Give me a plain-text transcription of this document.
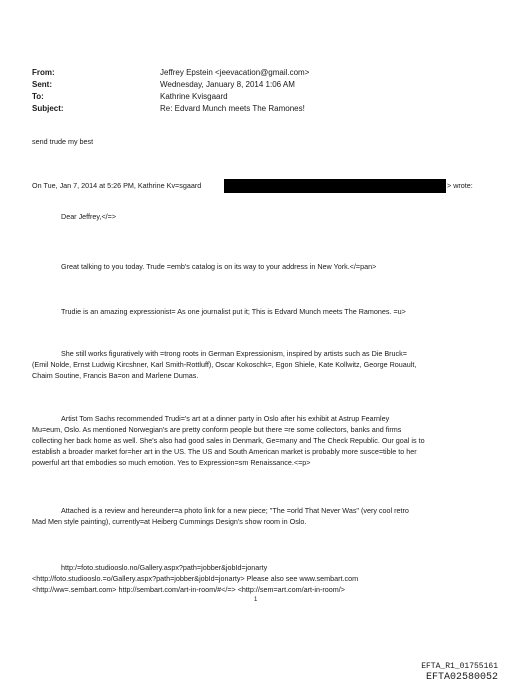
From:	Jeffrey Epstein <jeevacation@gmail.com>
Sent:	Wednesday, January 8, 2014 1:06 AM
To:	Kathrine Kvisgaard
Subject:	Re: Edvard Munch meets The Ramones!
send trude my best
On Tue, Jan 7, 2014 at 5:26 PM, Kathrine Kv=sgaard	> wrote:
Dear Jeffrey,</=>
Great talking to you today. Trude =emb's catalog is on its way to your address in New York.</=pan>
Trudie is an amazing expressionist= As one journalist put it; This is Edvard Munch meets The Ramones. =u>
She still works figuratively with =trong roots in German Expressionism, inspired by artists such as Die Bruck=
(Emil Nolde, Ernst Ludwig Kircshner, Karl Smith-Rottluff), Oscar Kokoschk=, Egon Shiele, Kate Kollwitz, George Rouault,
Chaim Soutine, Francis Ba=on and Marlene Dumas.
Artist Tom Sachs recommended Trudi='s art at a dinner party in Oslo after his exhibit at Astrup Fearnley
Mu=eum, Oslo. As mentioned Norwegian's are pretty conform people but there =re some collectors, banks and firms
collecting her back home as well. She's also had good sales in Denmark, Ge=many and The Check Republic. Our goal is to
establish a broader market for=her art in the US. The US and South American market is probably more susce=tible to her
powerful art that embodies so much emotion. Yes to Expression=sm Renaissance.<=p>
Attached is a review and hereunder=a photo link for a new piece; "The =orld That Never Was" (very cool retro
Mad Men style painting), currently=at Heiberg Cummings Design's show room in Oslo.
http:/=foto.studiooslo.no/Gallery.aspx?path=jobber&jobId=jonarty
<http://foto.studiooslo.=o/Gallery.aspx?path=jobber&jobId=jonarty> Please also see www.sembart.com
<http://ww=.sembart.com> http://sembart.com/art-in-room/#</=> <http://sem=art.com/art-in-room/>
1
EFTA_R1_01755161
EFTA02580052
